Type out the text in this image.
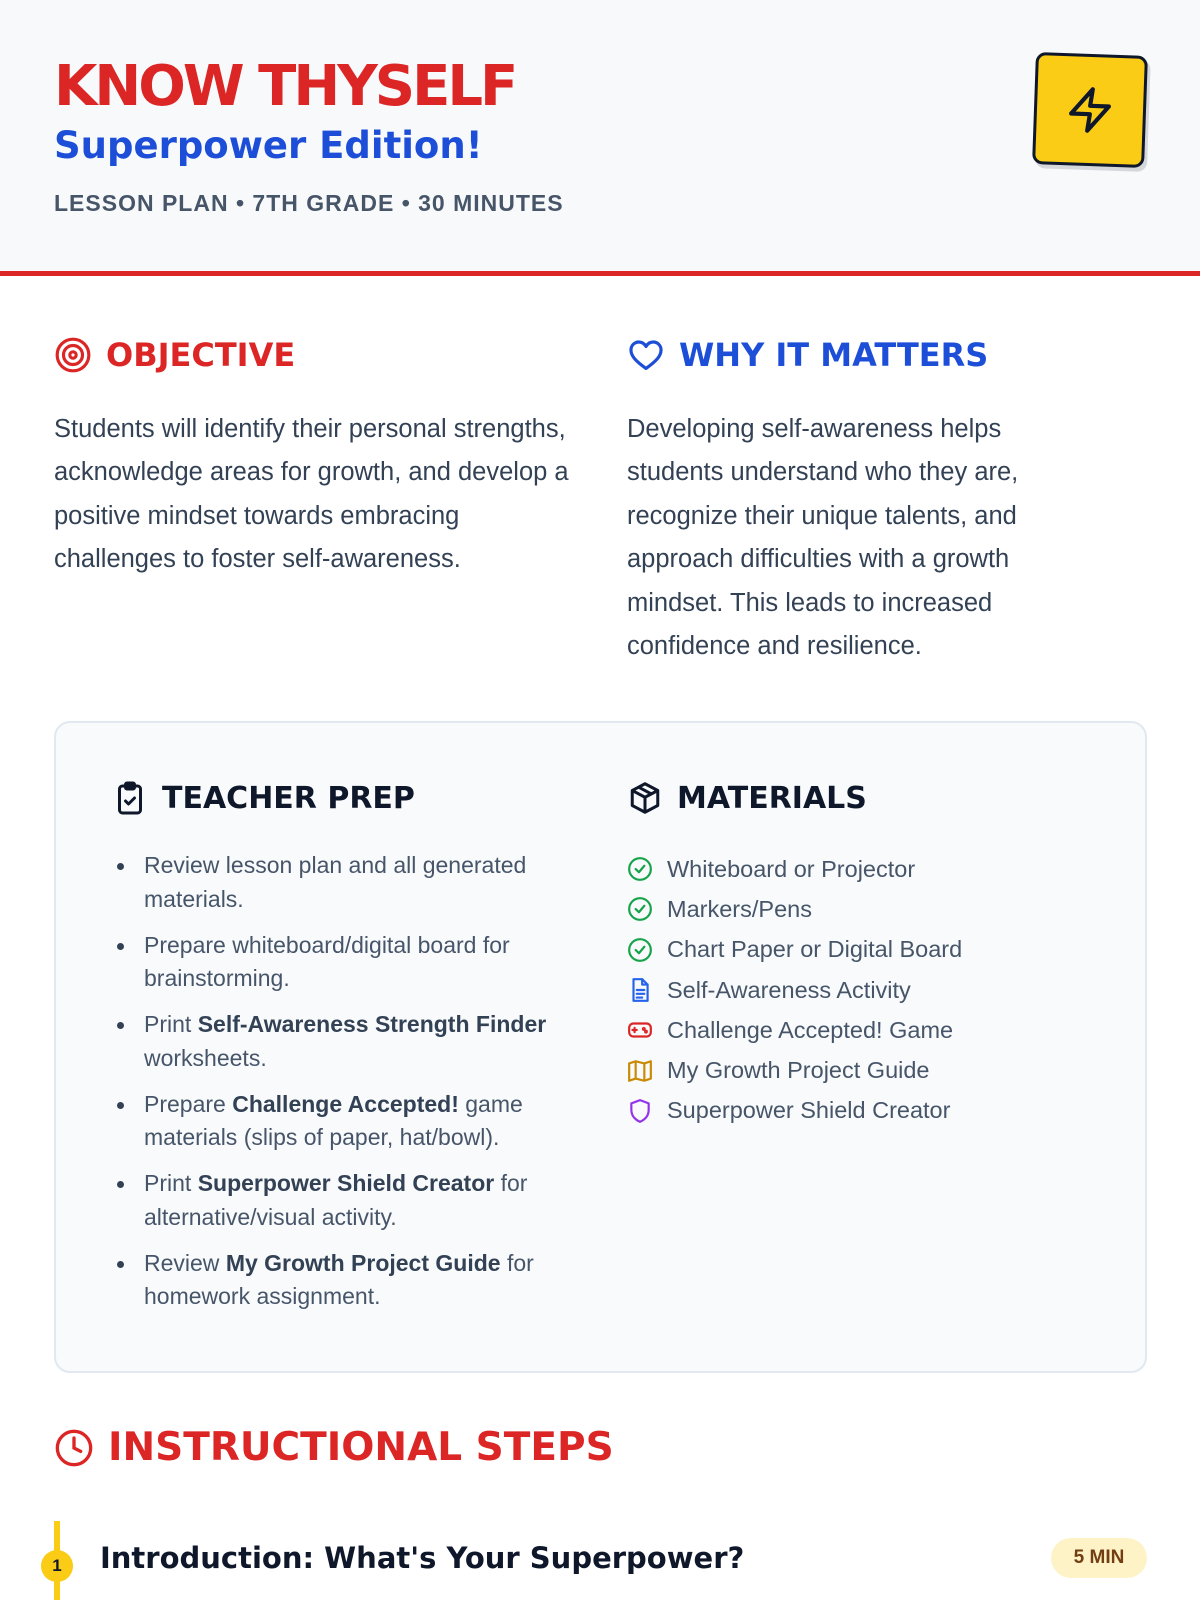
KNOW THYSELF
Superpower Edition!
LESSON PLAN • 7TH GRADE • 30 MINUTES
OBJECTIVE
Students will identify their personal strengths, acknowledge areas for growth, and develop a positive mindset towards embracing challenges to foster self-awareness.
WHY IT MATTERS
Developing self-awareness helps students understand who they are, recognize their unique talents, and approach difficulties with a growth mindset. This leads to increased confidence and resilience.
TEACHER PREP
Review lesson plan and all generated materials.
Prepare whiteboard/digital board for brainstorming.
Print Self-Awareness Strength Finder worksheets.
Prepare Challenge Accepted! game materials (slips of paper, hat/bowl).
Print Superpower Shield Creator for alternative/visual activity.
Review My Growth Project Guide for homework assignment.
MATERIALS
Whiteboard or Projector
Markers/Pens
Chart Paper or Digital Board
Self-Awareness Activity
Challenge Accepted! Game
My Growth Project Guide
Superpower Shield Creator
INSTRUCTIONAL STEPS
1	Introduction: What's Your Superpower?	5 MIN
